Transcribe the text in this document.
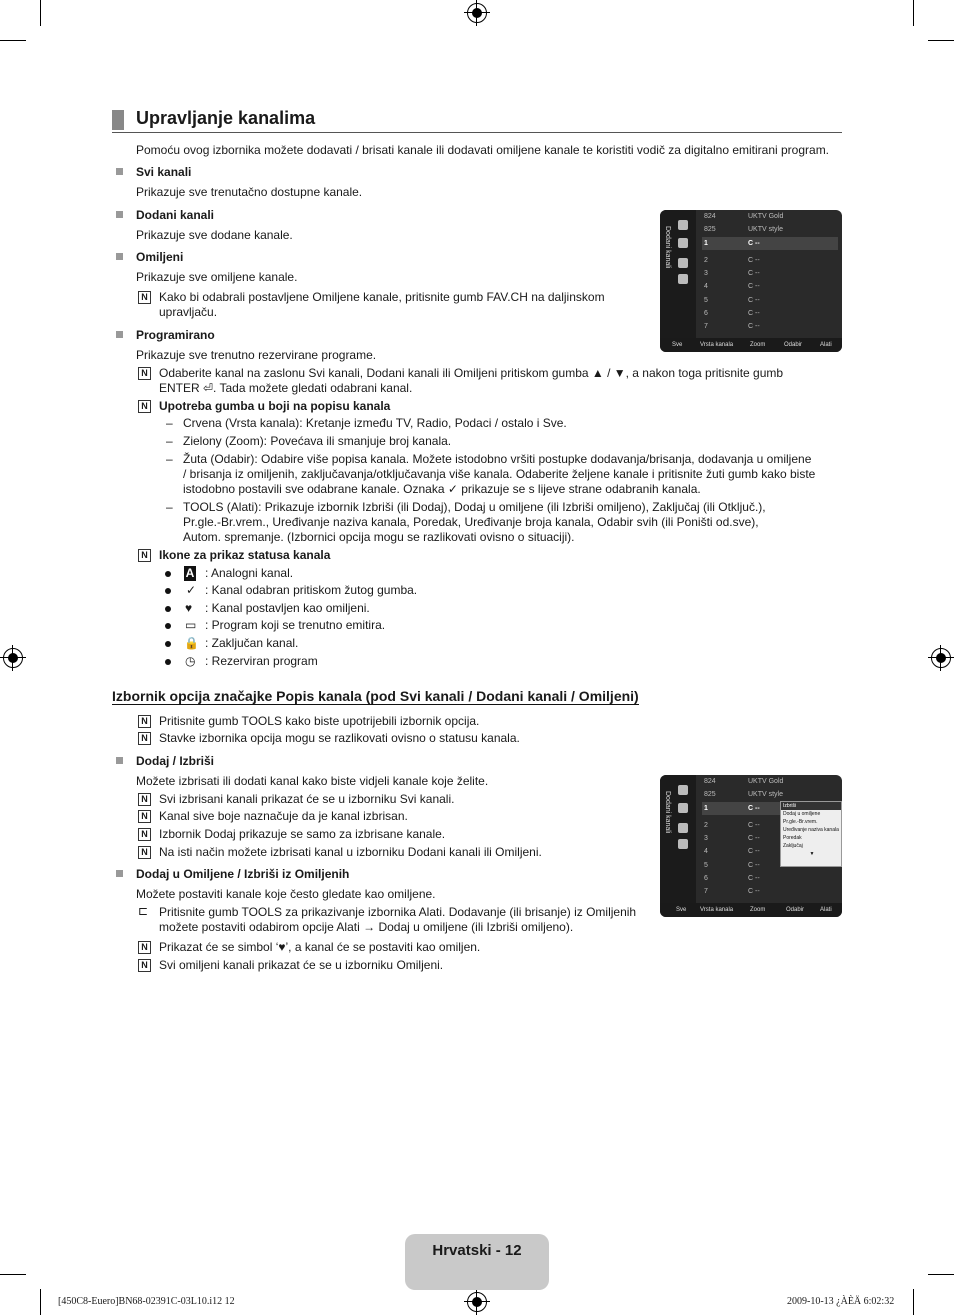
Upravljanje kanalima
Pomoću ovog izbornika možete dodavati / brisati kanale ili dodavati omiljene kanale te koristiti vodič za digitalno emitirani program.
Svi kanali
Prikazuje sve trenutačno dostupne kanale.
Dodani kanali
Prikazuje sve dodane kanale.
Omiljeni
Prikazuje sve omiljene kanale.
N Kako bi odabrali postavljene Omiljene kanale, pritisnite gumb FAV.CH na daljinskom
upravljaču.
Programirano
Prikazuje sve trenutno rezervirane programe.
N Odaberite kanal na zaslonu Svi kanali, Dodani kanali ili Omiljeni pritiskom gumba ▲ / ▼, a nakon toga pritisnite gumb
ENTER ⏎. Tada možete gledati odabrani kanal.
N Upotreba gumba u boji na popisu kanala
– Crvena (Vrsta kanala): Kretanje između TV, Radio, Podaci / ostalo i Sve.
– Zielony (Zoom): Povećava ili smanjuje broj kanala.
– Žuta (Odabir): Odabire više popisa kanala. Možete istodobno vršiti postupke dodavanja/brisanja, dodavanja u omiljene
/ brisanja iz omiljenih, zaključavanja/otključavanja više kanala. Odaberite željene kanale i pritisnite žuti gumb kako biste
istodobno postavili sve odabrane kanale. Oznaka ✓ prikazuje se s lijeve strane odabranih kanala.
– TOOLS (Alati): Prikazuje izbornik Izbriši (ili Dodaj), Dodaj u omiljene (ili Izbriši omiljeno), Zaključaj (ili Otključ.),
Pr.gle.-Br.vrem., Uređivanje naziva kanala, Poredak, Uređivanje broja kanala, Odabir svih (ili Poništi od.sve),
Autom. spremanje. (Izbornici opcija mogu se razlikovati ovisno o situaciji).
N Ikone za prikaz statusa kanala
A : Analogni kanal.
✓ : Kanal odabran pritiskom žutog gumba.
♥ : Kanal postavljen kao omiljeni.
▭ : Program koji se trenutno emitira.
🔒 : Zaključan kanal.
◷ : Rezerviran program
Izbornik opcija značajke Popis kanala (pod Svi kanali / Dodani kanali / Omiljeni)
N Pritisnite gumb TOOLS kako biste upotrijebili izbornik opcija.
N Stavke izbornika opcija mogu se razlikovati ovisno o statusu kanala.
Dodaj / Izbriši
Možete izbrisati ili dodati kanal kako biste vidjeli kanale koje želite.
N Svi izbrisani kanali prikazat će se u izborniku Svi kanali.
N Kanal sive boje naznačuje da je kanal izbrisan.
N Izbornik Dodaj prikazuje se samo za izbrisane kanale.
N Na isti način možete izbrisati kanal u izborniku Dodani kanali ili Omiljeni.
Dodaj u Omiljene / Izbriši iz Omiljenih
Možete postaviti kanale koje često gledate kao omiljene.
⊏ Pritisnite gumb TOOLS za prikazivanje izbornika Alati. Dodavanje (ili brisanje) iz Omiljenih
možete postaviti odabirom opcije Alati → Dodaj u omiljene (ili Izbriši omiljeno).
N Prikazat će se simbol ‘♥’, a kanal će se postaviti kao omiljen.
N Svi omiljeni kanali prikazat će se u izborniku Omiljeni.
Dodani kanali
824	UKTV Gold
825	UKTV style
1	C --
2	C --
3	C --
4	C --
5	C --
6	C --
7	C --
Sve	Vrsta kanala	Zoom	Odabir	Alati
Dodani kanali
824	UKTV Gold
825	UKTV style
1	C --
2	C --
3	C --
4	C --
5	C --
6	C --
7	C --
Izbriši
Dodaj u omiljene
Pr.gle.-Br.vrem.
Uređivanje naziva kanala
Poredak
Zaključaj
▼
Sve Vrsta kanala	Zoom	Odabir	Alati
Hrvatski - 12
[450C8-Euero]BN68-02391C-03L10.i12 12	2009-10-13 ¿ÀÈÄ 6:02:32
